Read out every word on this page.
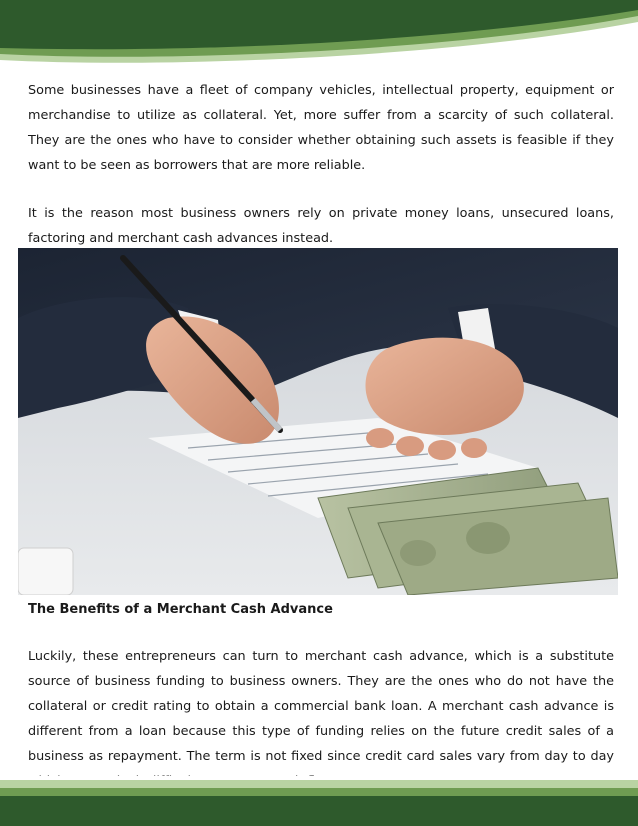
Some businesses have a fleet of company vehicles, intellectual property, equipment or merchandise to utilize as collateral. Yet, more suffer from a scarcity of such collateral. They are the ones who have to consider whether obtaining such assets is feasible if they want to be seen as borrowers that are more reliable.

It is the reason most business owners rely on private money loans, unsecured loans, factoring and merchant cash advances instead.

The Benefits of a Merchant Cash Advance

Luckily, these entrepreneurs can turn to merchant cash advance, which is a substitute source of business funding to business owners. They are the ones who do not have the collateral or credit rating to obtain a commercial bank loan. A merchant cash advance is different from a loan because this type of funding relies on the future credit sales of a business as repayment. The term is not fixed since credit card sales vary from day to day
